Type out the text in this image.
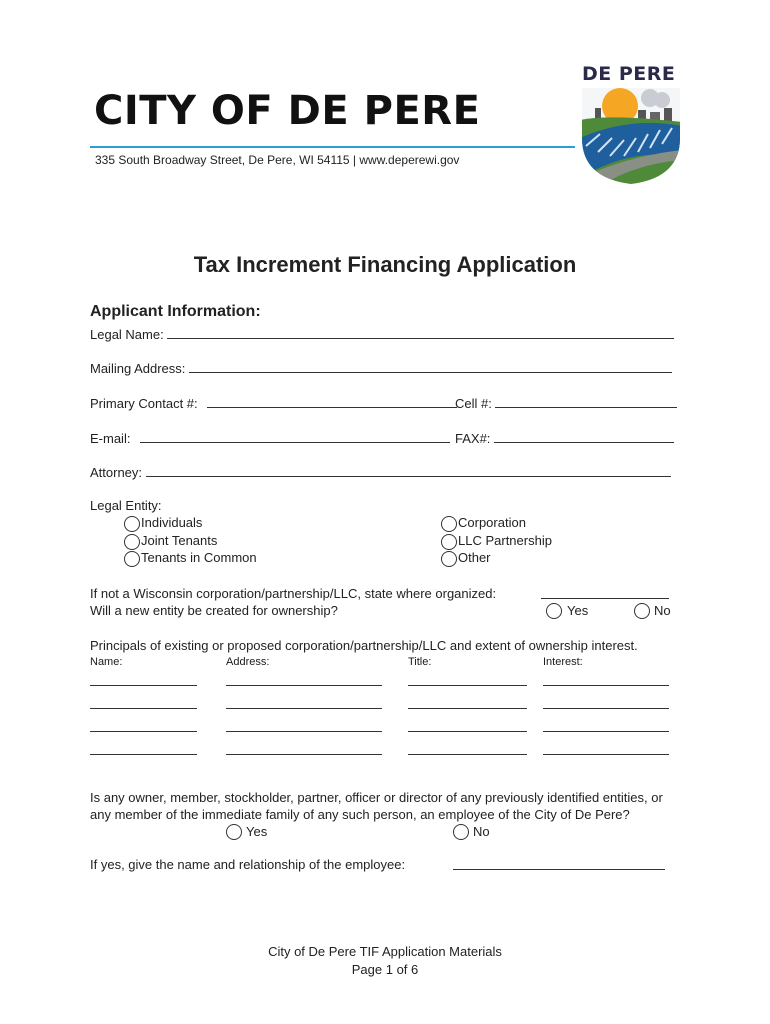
CITY OF DE PERE
335 South Broadway Street, De Pere, WI 54115 | www.deperewi.gov
DE PERE
Tax Increment Financing Application
Applicant Information:
Legal Name:
Mailing Address:
Primary Contact #:	Cell #:
E-mail:	FAX#:
Attorney:
Legal Entity:
Individuals
Joint Tenants
Tenants in Common
Corporation
LLC Partnership
Other
If not a Wisconsin corporation/partnership/LLC, state where organized:
Will a new entity be created for ownership?	Yes	No
Principals of existing or proposed corporation/partnership/LLC and extent of ownership interest.
Name:	Address:	Title:	Interest:
Is any owner, member, stockholder, partner, officer or director of any previously identified entities, or
any member of the immediate family of any such person, an employee of the City of De Pere?
Yes	No
If yes, give the name and relationship of the employee:
City of De Pere TIF Application Materials
Page 1 of 6
